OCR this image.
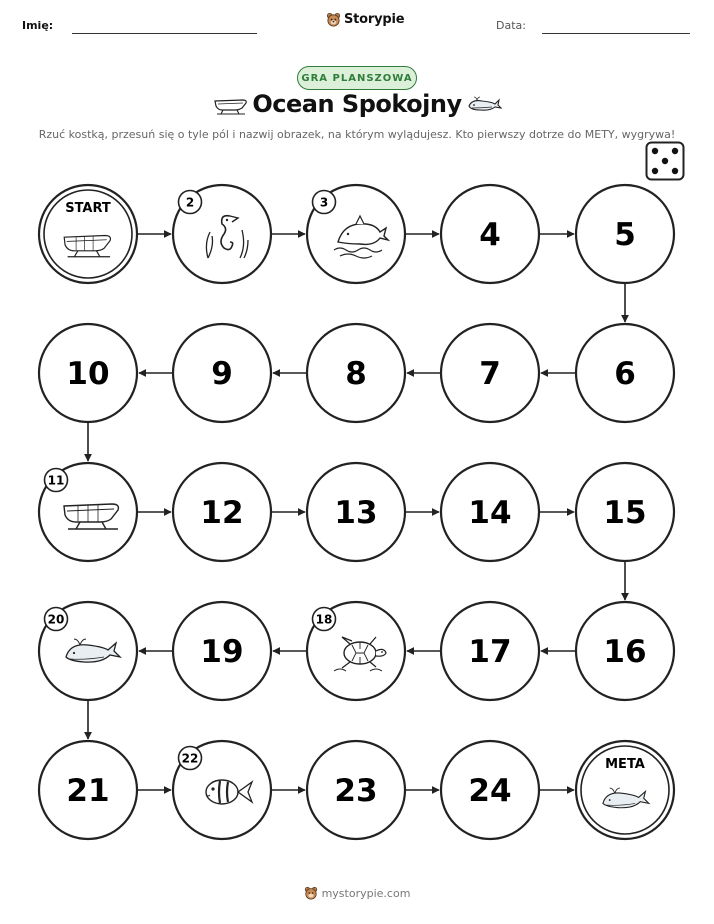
Imię:	Storypie	Data:
GRA PLANSZOWA
Ocean Spokojny
Rzuć kostką, przesuń się o tyle pól i nazwij obrazek, na którym wylądujesz. Kto pierwszy dotrze do METY, wygrywa!
START	2	3
4	5
6
7
8
9
10
11
12	13	14	15
16
17
18
19
20
21
22
23	24
META
mystorypie.com
